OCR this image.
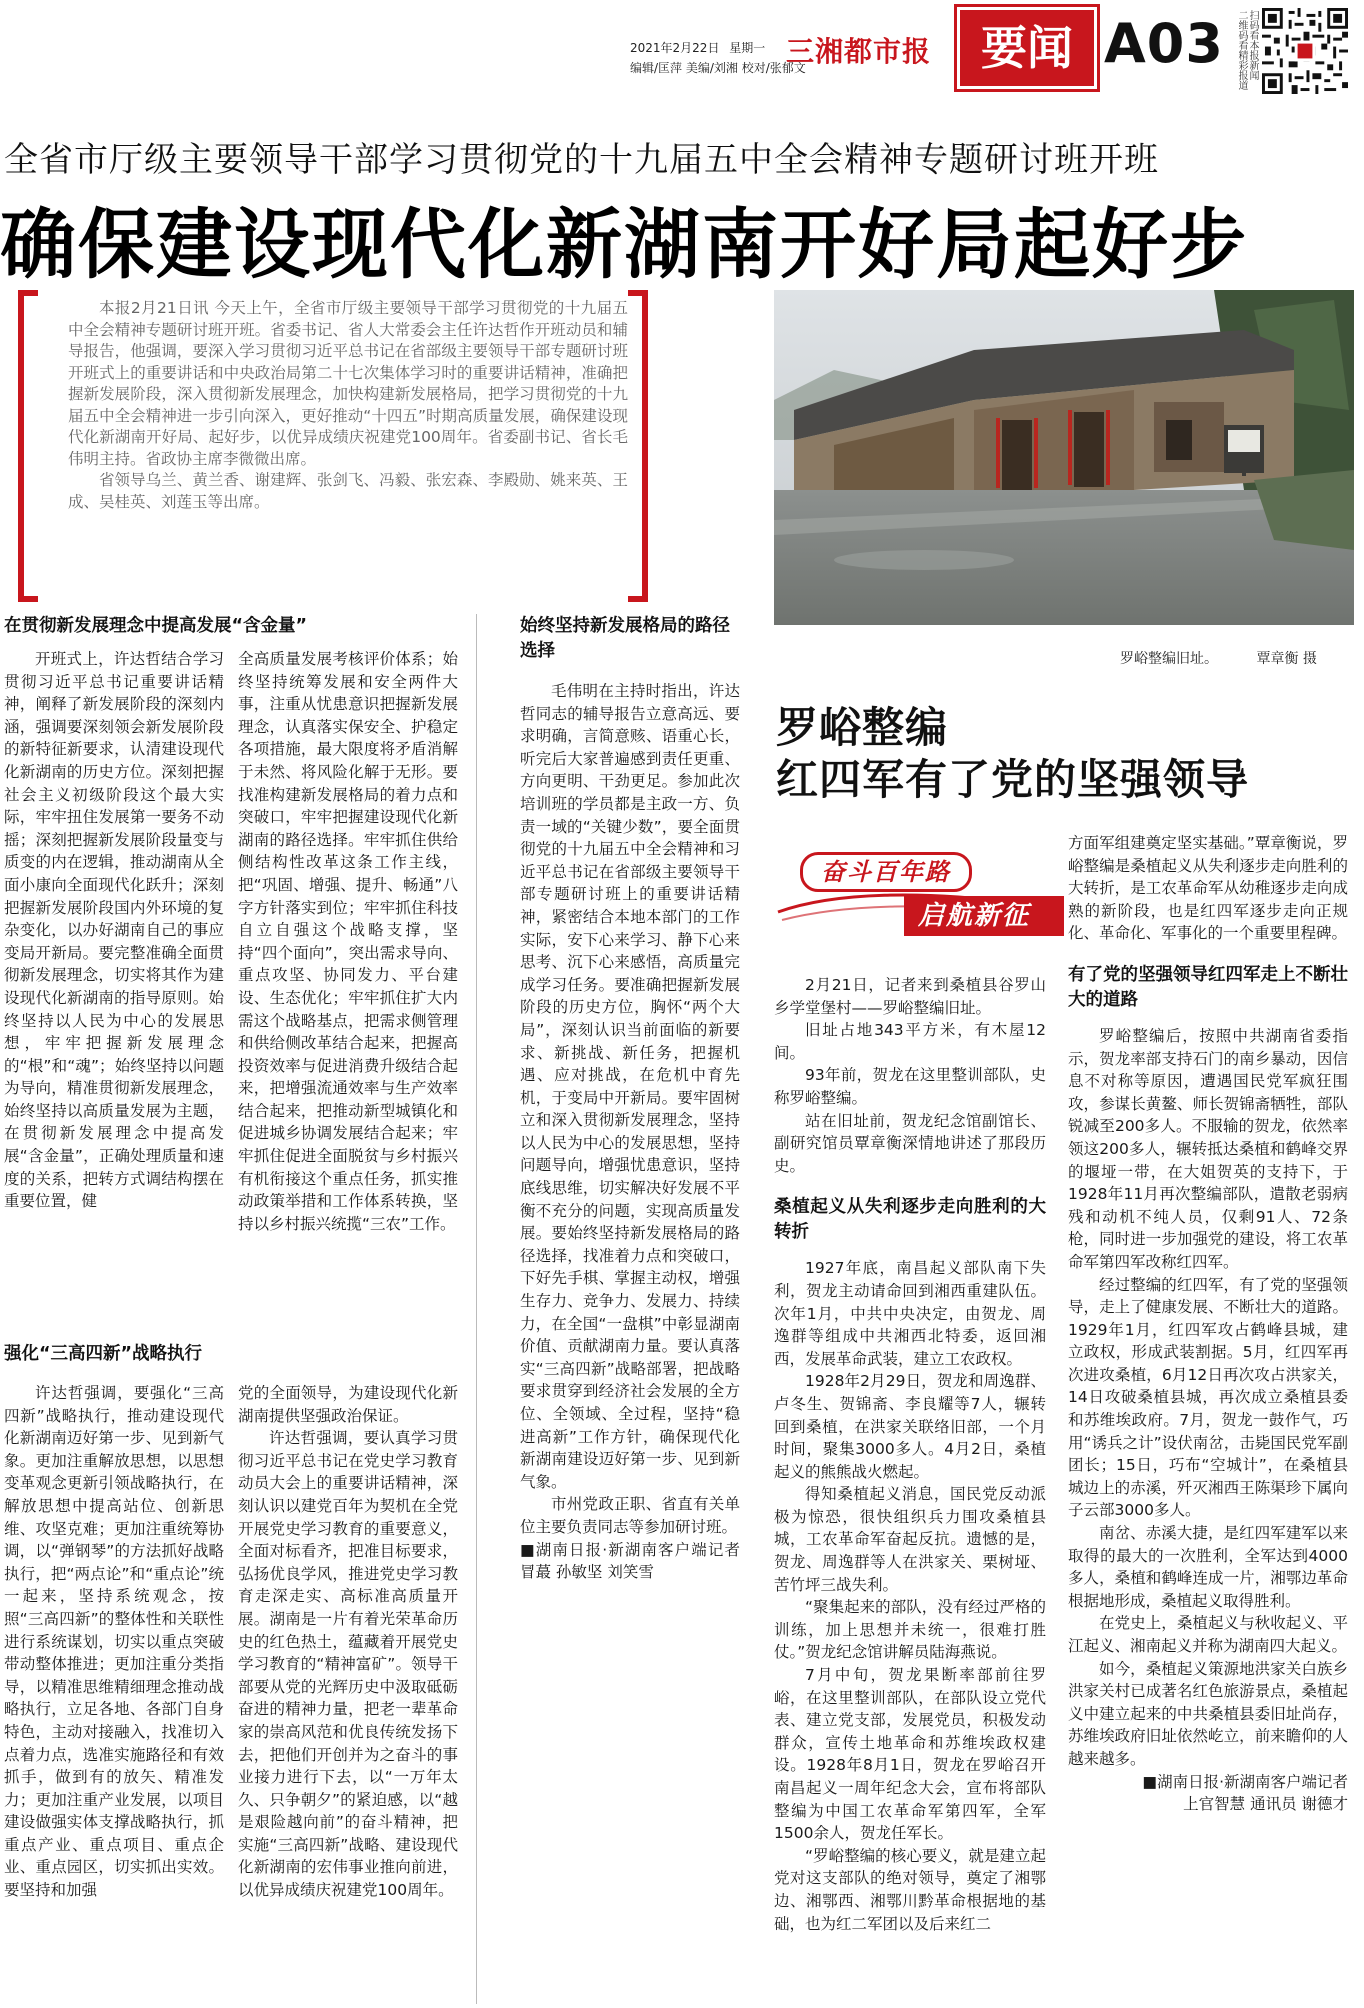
2021年2月22日 星期一
编辑/匡萍 美编/刘湘 校对/张郁文
三湘都市报	要闻 A03	扫码看本报新闻 二维码看精彩报道
全省市厅级主要领导干部学习贯彻党的十九届五中全会精神专题研讨班开班
确保建设现代化新湖南开好局起好步

本报2月21日讯 今天上午，全省市厅级主要领导干部学习贯彻党的十九届五中全会精神专题研讨班开班。省委书记、省人大常委会主任许达哲作开班动员和辅导报告，他强调，要深入学习贯彻习近平总书记在省部级主要领导干部专题研讨班开班式上的重要讲话和中央政治局第二十七次集体学习时的重要讲话精神，准确把握新发展阶段，深入贯彻新发展理念，加快构建新发展格局，把学习贯彻党的十九届五中全会精神进一步引向深入，更好推动“十四五”时期高质量发展，确保建设现代化新湖南开好局、起好步，以优异成绩庆祝建党100周年。省委副书记、省长毛伟明主持。省政协主席李微微出席。

省领导乌兰、黄兰香、谢建辉、张剑飞、冯毅、张宏森、李殿勋、姚来英、王成、吴桂英、刘莲玉等出席。

罗峪整编旧址。	覃章衡 摄
在贯彻新发展理念中提高发展“含金量”

开班式上，许达哲结合学习贯彻习近平总书记重要讲话精神，阐释了新发展阶段的深刻内涵，强调要深刻领会新发展阶段的新特征新要求，认清建设现代化新湖南的历史方位。深刻把握社会主义初级阶段这个最大实际，牢牢扭住发展第一要务不动摇；深刻把握新发展阶段量变与质变的内在逻辑，推动湖南从全面小康向全面现代化跃升；深刻把握新发展阶段国内外环境的复杂变化，以办好湖南自己的事应变局开新局。要完整准确全面贯彻新发展理念，切实将其作为建设现代化新湖南的指导原则。始终坚持以人民为中心的发展思想，牢牢把握新发展理念的“根”和“魂”；始终坚持以问题为导向，精准贯彻新发展理念，始终坚持以高质量发展为主题，在贯彻新发展理念中提高发展“含金量”，正确处理质量和速度的关系，把转方式调结构摆在重要位置，健

全高质量发展考核评价体系；始终坚持统筹发展和安全两件大事，注重从忧患意识把握新发展理念，认真落实保安全、护稳定各项措施，最大限度将矛盾消解于未然、将风险化解于无形。要找准构建新发展格局的着力点和突破口，牢牢把握建设现代化新湖南的路径选择。牢牢抓住供给侧结构性改革这条工作主线，把“巩固、增强、提升、畅通”八字方针落实到位；牢牢抓住科技自立自强这个战略支撑，坚持“四个面向”，突出需求导向、重点攻坚、协同发力、平台建设、生态优化；牢牢抓住扩大内需这个战略基点，把需求侧管理和供给侧改革结合起来，把握高投资效率与促进消费升级结合起来，把增强流通效率与生产效率结合起来，把推动新型城镇化和促进城乡协调发展结合起来；牢牢抓住促进全面脱贫与乡村振兴有机衔接这个重点任务，抓实推动政策举措和工作体系转换，坚持以乡村振兴统揽“三农”工作。

强化“三高四新”战略执行

许达哲强调，要强化“三高四新”战略执行，推动建设现代化新湖南迈好第一步、见到新气象。更加注重解放思想，以思想变革观念更新引领战略执行，在解放思想中提高站位、创新思维、攻坚克难；更加注重统筹协调，以“弹钢琴”的方法抓好战略执行，把“两点论”和“重点论”统一起来，坚持系统观念，按照“三高四新”的整体性和关联性进行系统谋划，切实以重点突破带动整体推进；更加注重分类指导，以精准思维精细理念推动战略执行，立足各地、各部门自身特色，主动对接融入，找准切入点着力点，选准实施路径和有效抓手，做到有的放矢、精准发力；更加注重产业发展，以项目建设做强实体支撑战略执行，抓重点产业、重点项目、重点企业、重点园区，切实抓出实效。要坚持和加强

党的全面领导，为建设现代化新湖南提供坚强政治保证。

许达哲强调，要认真学习贯彻习近平总书记在党史学习教育动员大会上的重要讲话精神，深刻认识以建党百年为契机在全党开展党史学习教育的重要意义，全面对标看齐，把准目标要求，弘扬优良学风，推进党史学习教育走深走实、高标准高质量开展。湖南是一片有着光荣革命历史的红色热土，蕴藏着开展党史学习教育的“精神富矿”。领导干部要从党的光辉历史中汲取砥砺奋进的精神力量，把老一辈革命家的崇高风范和优良传统发扬下去，把他们开创并为之奋斗的事业接力进行下去，以“一万年太久、只争朝夕”的紧迫感，以“越是艰险越向前”的奋斗精神，把实施“三高四新”战略、建设现代化新湖南的宏伟事业推向前进，以优异成绩庆祝建党100周年。

始终坚持新发展格局的路径选择

毛伟明在主持时指出，许达哲同志的辅导报告立意高远、要求明确，言简意赅、语重心长，听完后大家普遍感到责任更重、方向更明、干劲更足。参加此次培训班的学员都是主政一方、负责一域的“关键少数”，要全面贯彻党的十九届五中全会精神和习近平总书记在省部级主要领导干部专题研讨班上的重要讲话精神，紧密结合本地本部门的工作实际，安下心来学习、静下心来思考、沉下心来感悟，高质量完成学习任务。要准确把握新发展阶段的历史方位，胸怀“两个大局”，深刻认识当前面临的新要求、新挑战、新任务，把握机遇、应对挑战，在危机中育先机，于变局中开新局。要牢固树立和深入贯彻新发展理念，坚持以人民为中心的发展思想，坚持问题导向，增强忧患意识，坚持底线思维，切实解决好发展不平衡不充分的问题，实现高质量发展。要始终坚持新发展格局的路径选择，找准着力点和突破口，下好先手棋、掌握主动权，增强生存力、竞争力、发展力、持续力，在全国“一盘棋”中彰显湖南价值、贡献湖南力量。要认真落实“三高四新”战略部署，把战略要求贯穿到经济社会发展的全方位、全领域、全过程，坚持“稳进高新”工作方针，确保现代化新湖南建设迈好第一步、见到新气象。

市州党政正职、省直有关单位主要负责同志等参加研讨班。

■湖南日报·新湖南客户端记者 冒蕞 孙敏坚 刘笑雪

罗峪整编
红四军有了党的坚强领导
奋斗百年路
启航新征程

2月21日，记者来到桑植县谷罗山乡学堂堡村——罗峪整编旧址。

旧址占地343平方米，有木屋12间。

93年前，贺龙在这里整训部队，史称罗峪整编。

站在旧址前，贺龙纪念馆副馆长、副研究馆员覃章衡深情地讲述了那段历史。

桑植起义从失利逐步走向胜利的大转折

1927年底，南昌起义部队南下失利，贺龙主动请命回到湘西重建队伍。次年1月，中共中央决定，由贺龙、周逸群等组成中共湘西北特委，返回湘西，发展革命武装，建立工农政权。

1928年2月29日，贺龙和周逸群、卢冬生、贺锦斋、李良耀等7人，辗转回到桑植，在洪家关联络旧部，一个月时间，聚集3000多人。4月2日，桑植起义的熊熊战火燃起。

得知桑植起义消息，国民党反动派极为惊恐，很快组织兵力围攻桑植县城，工农革命军奋起反抗。遗憾的是，贺龙、周逸群等人在洪家关、栗树垭、苦竹坪三战失利。

“聚集起来的部队，没有经过严格的训练，加上思想并未统一，很难打胜仗。”贺龙纪念馆讲解员陆海燕说。

7月中旬，贺龙果断率部前往罗峪，在这里整训部队，在部队设立党代表、建立党支部，发展党员，积极发动群众，宣传土地革命和苏维埃政权建设。1928年8月1日，贺龙在罗峪召开南昌起义一周年纪念大会，宣布将部队整编为中国工农革命军第四军，全军1500余人，贺龙任军长。

“罗峪整编的核心要义，就是建立起党对这支部队的绝对领导，奠定了湘鄂边、湘鄂西、湘鄂川黔革命根据地的基础，也为红二军团以及后来红二

方面军组建奠定坚实基础。”覃章衡说，罗峪整编是桑植起义从失利逐步走向胜利的大转折，是工农革命军从幼稚逐步走向成熟的新阶段，也是红四军逐步走向正规化、革命化、军事化的一个重要里程碑。

有了党的坚强领导红四军走上不断壮大的道路

罗峪整编后，按照中共湖南省委指示，贺龙率部支持石门的南乡暴动，因信息不对称等原因，遭遇国民党军疯狂围攻，参谋长黄鳌、师长贺锦斋牺牲，部队锐减至200多人。不服输的贺龙，依然率领这200多人，辗转抵达桑植和鹤峰交界的堰垭一带，在大姐贺英的支持下，于1928年11月再次整编部队，遣散老弱病残和动机不纯人员，仅剩91人、72条枪，同时进一步加强党的建设，将工农革命军第四军改称红四军。

经过整编的红四军，有了党的坚强领导，走上了健康发展、不断壮大的道路。1929年1月，红四军攻占鹤峰县城，建立政权，形成武装割据。5月，红四军再次进攻桑植，6月12日再次攻占洪家关，14日攻破桑植县城，再次成立桑植县委和苏维埃政府。7月，贺龙一鼓作气，巧用“诱兵之计”设伏南岔，击毙国民党军副团长；15日，巧布“空城计”，在桑植县城边上的赤溪，歼灭湘西王陈渠珍下属向子云部3000多人。

南岔、赤溪大捷，是红四军建军以来取得的最大的一次胜利，全军达到4000多人，桑植和鹤峰连成一片，湘鄂边革命根据地形成，桑植起义取得胜利。

在党史上，桑植起义与秋收起义、平江起义、湘南起义并称为湖南四大起义。

如今，桑植起义策源地洪家关白族乡洪家关村已成著名红色旅游景点，桑植起义中建立起来的中共桑植县委旧址尚存，苏维埃政府旧址依然屹立，前来瞻仰的人越来越多。

■湖南日报·新湖南客户端记者

上官智慧 通讯员 谢德才
